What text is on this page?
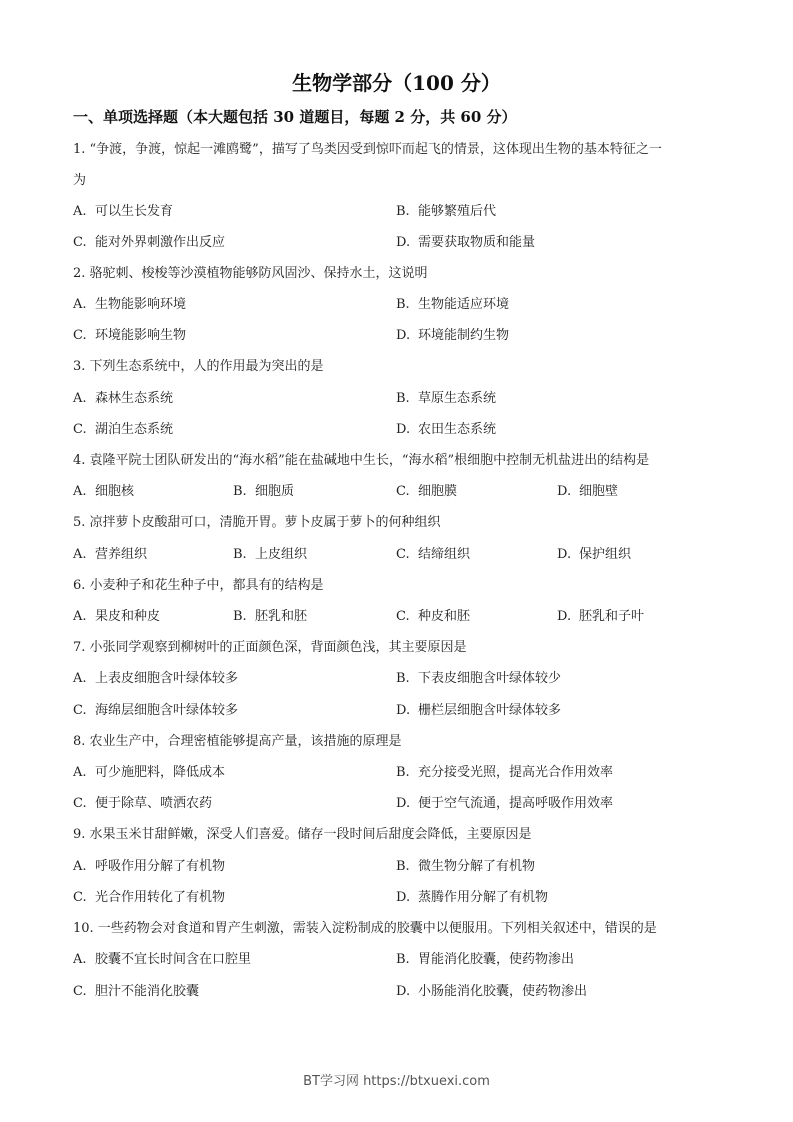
生物学部分（100 分）
一、单项选择题（本大题包括 30 道题目，每题 2 分，共 60 分）
1. “争渡，争渡，惊起一滩鸥鹭”，描写了鸟类因受到惊吓而起飞的情景，这体现出生物的基本特征之一
为
A. 可以生长发育	B. 能够繁殖后代
C. 能对外界刺激作出反应	D. 需要获取物质和能量
2. 骆驼刺、梭梭等沙漠植物能够防风固沙、保持水土，这说明
A. 生物能影响环境	B. 生物能适应环境
C. 环境能影响生物	D. 环境能制约生物
3. 下列生态系统中，人的作用最为突出的是
A. 森林生态系统	B. 草原生态系统
C. 湖泊生态系统	D. 农田生态系统
4. 袁隆平院士团队研发出的“海水稻”能在盐碱地中生长，“海水稻”根细胞中控制无机盐进出的结构是
A. 细胞核	B. 细胞质	C. 细胞膜	D. 细胞壁
5. 凉拌萝卜皮酸甜可口，清脆开胃。萝卜皮属于萝卜的何种组织
A. 营养组织	B. 上皮组织	C. 结缔组织	D. 保护组织
6. 小麦种子和花生种子中，都具有的结构是
A. 果皮和种皮	B. 胚乳和胚	C. 种皮和胚	D. 胚乳和子叶
7. 小张同学观察到柳树叶的正面颜色深，背面颜色浅，其主要原因是
A. 上表皮细胞含叶绿体较多	B. 下表皮细胞含叶绿体较少
C. 海绵层细胞含叶绿体较多	D. 栅栏层细胞含叶绿体较多
8. 农业生产中，合理密植能够提高产量，该措施的原理是
A. 可少施肥料，降低成本	B. 充分接受光照，提高光合作用效率
C. 便于除草、喷洒农药	D. 便于空气流通，提高呼吸作用效率
9. 水果玉米甘甜鲜嫩，深受人们喜爱。储存一段时间后甜度会降低，主要原因是
A. 呼吸作用分解了有机物	B. 微生物分解了有机物
C. 光合作用转化了有机物	D. 蒸腾作用分解了有机物
10. 一些药物会对食道和胃产生刺激，需装入淀粉制成的胶囊中以便服用。下列相关叙述中，错误的是
A. 胶囊不宜长时间含在口腔里	B. 胃能消化胶囊，使药物渗出
C. 胆汁不能消化胶囊	D. 小肠能消化胶囊，使药物渗出
BT学习网 https://btxuexi.com
